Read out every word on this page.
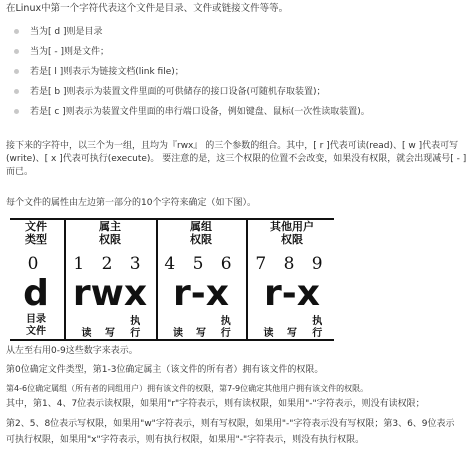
在Linux中第一个字符代表这个文件是目录、文件或链接文件等等。
当为[ d ]则是目录
当为[ - ]则是文件；
若是[ l ]则表示为链接文档(link file)；
若是[ b ]则表示为装置文件里面的可供储存的接口设备(可随机存取装置)；
若是[ c ]则表示为装置文件里面的串行端口设备，例如键盘、鼠标(一次性读取装置)。
接下来的字符中，以三个为一组，且均为『rwx』 的三个参数的组合。其中，[ r ]代表可读(read)、[ w ]代表可写(write)、[ x ]代表可执行(execute)。 要注意的是，这三个权限的位置不会改变，如果没有权限，就会出现减号[ - ]而已。
每个文件的属性由左边第一部分的10个字符来确定（如下图）。
文件
类型
0
d
目录
文件
属主
权限
1 2 3
rwx
读 写执
行
属组
权限
4 5 6
r-x
读 写执
行
其他用户
权限
7 8 9
r-x
读 写执
行
从左至右用0-9这些数字来表示。
第0位确定文件类型，第1-3位确定属主（该文件的所有者）拥有该文件的权限。
第4-6位确定属组（所有者的同组用户）拥有该文件的权限，第7-9位确定其他用户拥有该文件的权限。
其中，第1、4、7位表示读权限，如果用"r"字符表示，则有读权限，如果用"-"字符表示，则没有读权限；
第2、5、8位表示写权限，如果用"w"字符表示，则有写权限，如果用"-"字符表示没有写权限；第3、6、9位表示
可执行权限，如果用"x"字符表示，则有执行权限，如果用"-"字符表示，则没有执行权限。
